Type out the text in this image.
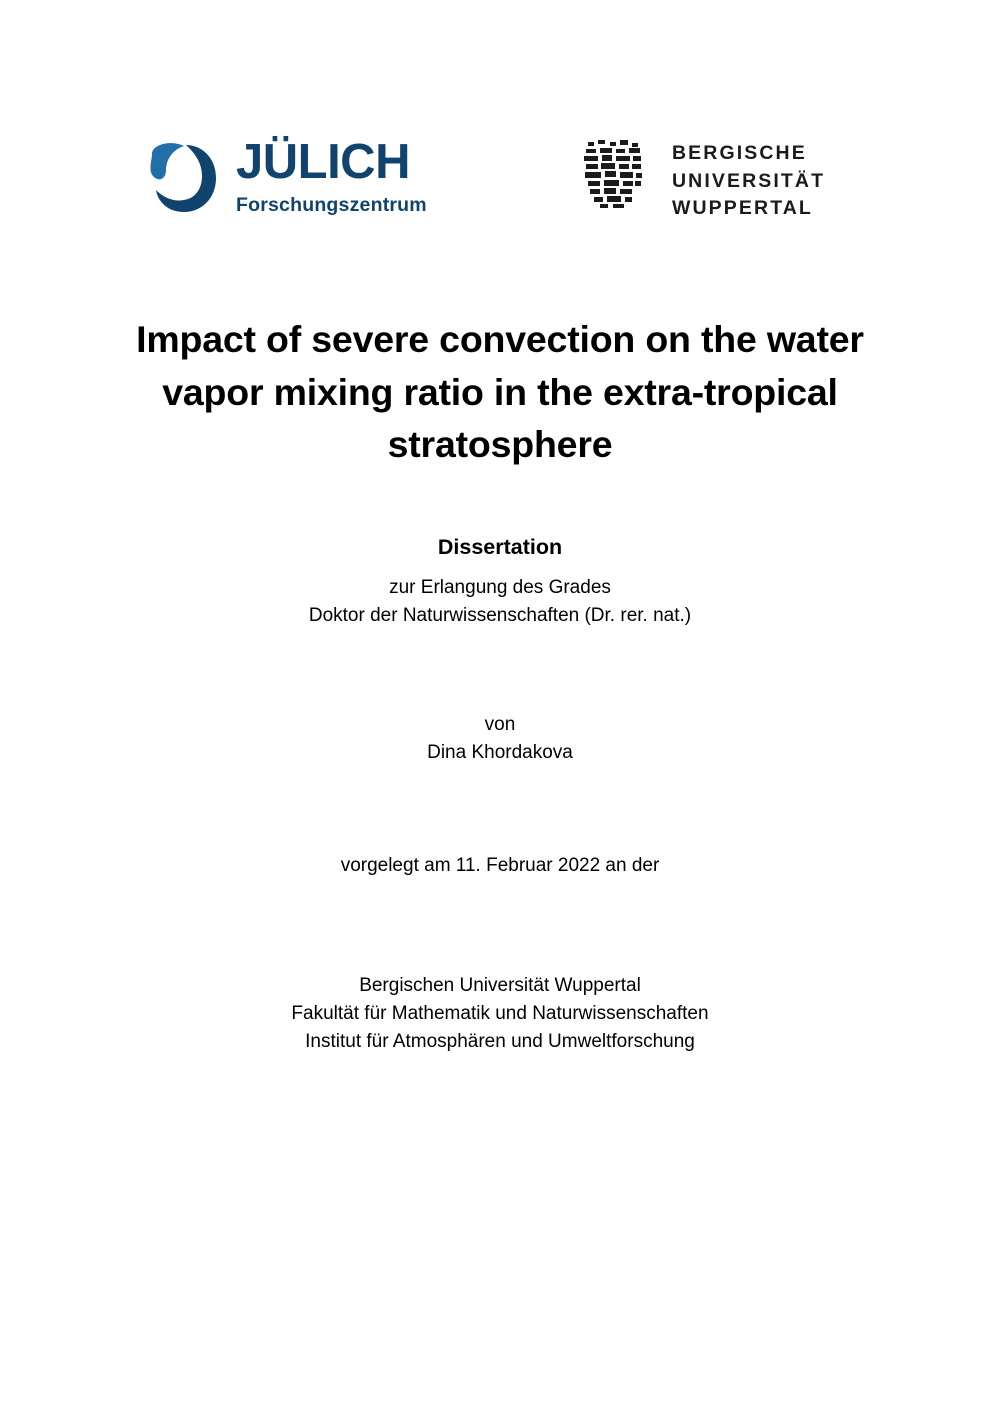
JÜLICH
Forschungszentrum
BERGISCHE
UNIVERSITÄT
WUPPERTAL
Impact of severe convection on the water vapor mixing ratio in the extra-tropical stratosphere
Dissertation
zur Erlangung des Grades
Doktor der Naturwissenschaften (Dr. rer. nat.)
von
Dina Khordakova
vorgelegt am 11. Februar 2022 an der
Bergischen Universität Wuppertal
Fakultät für Mathematik und Naturwissenschaften
Institut für Atmosphären und Umweltforschung
